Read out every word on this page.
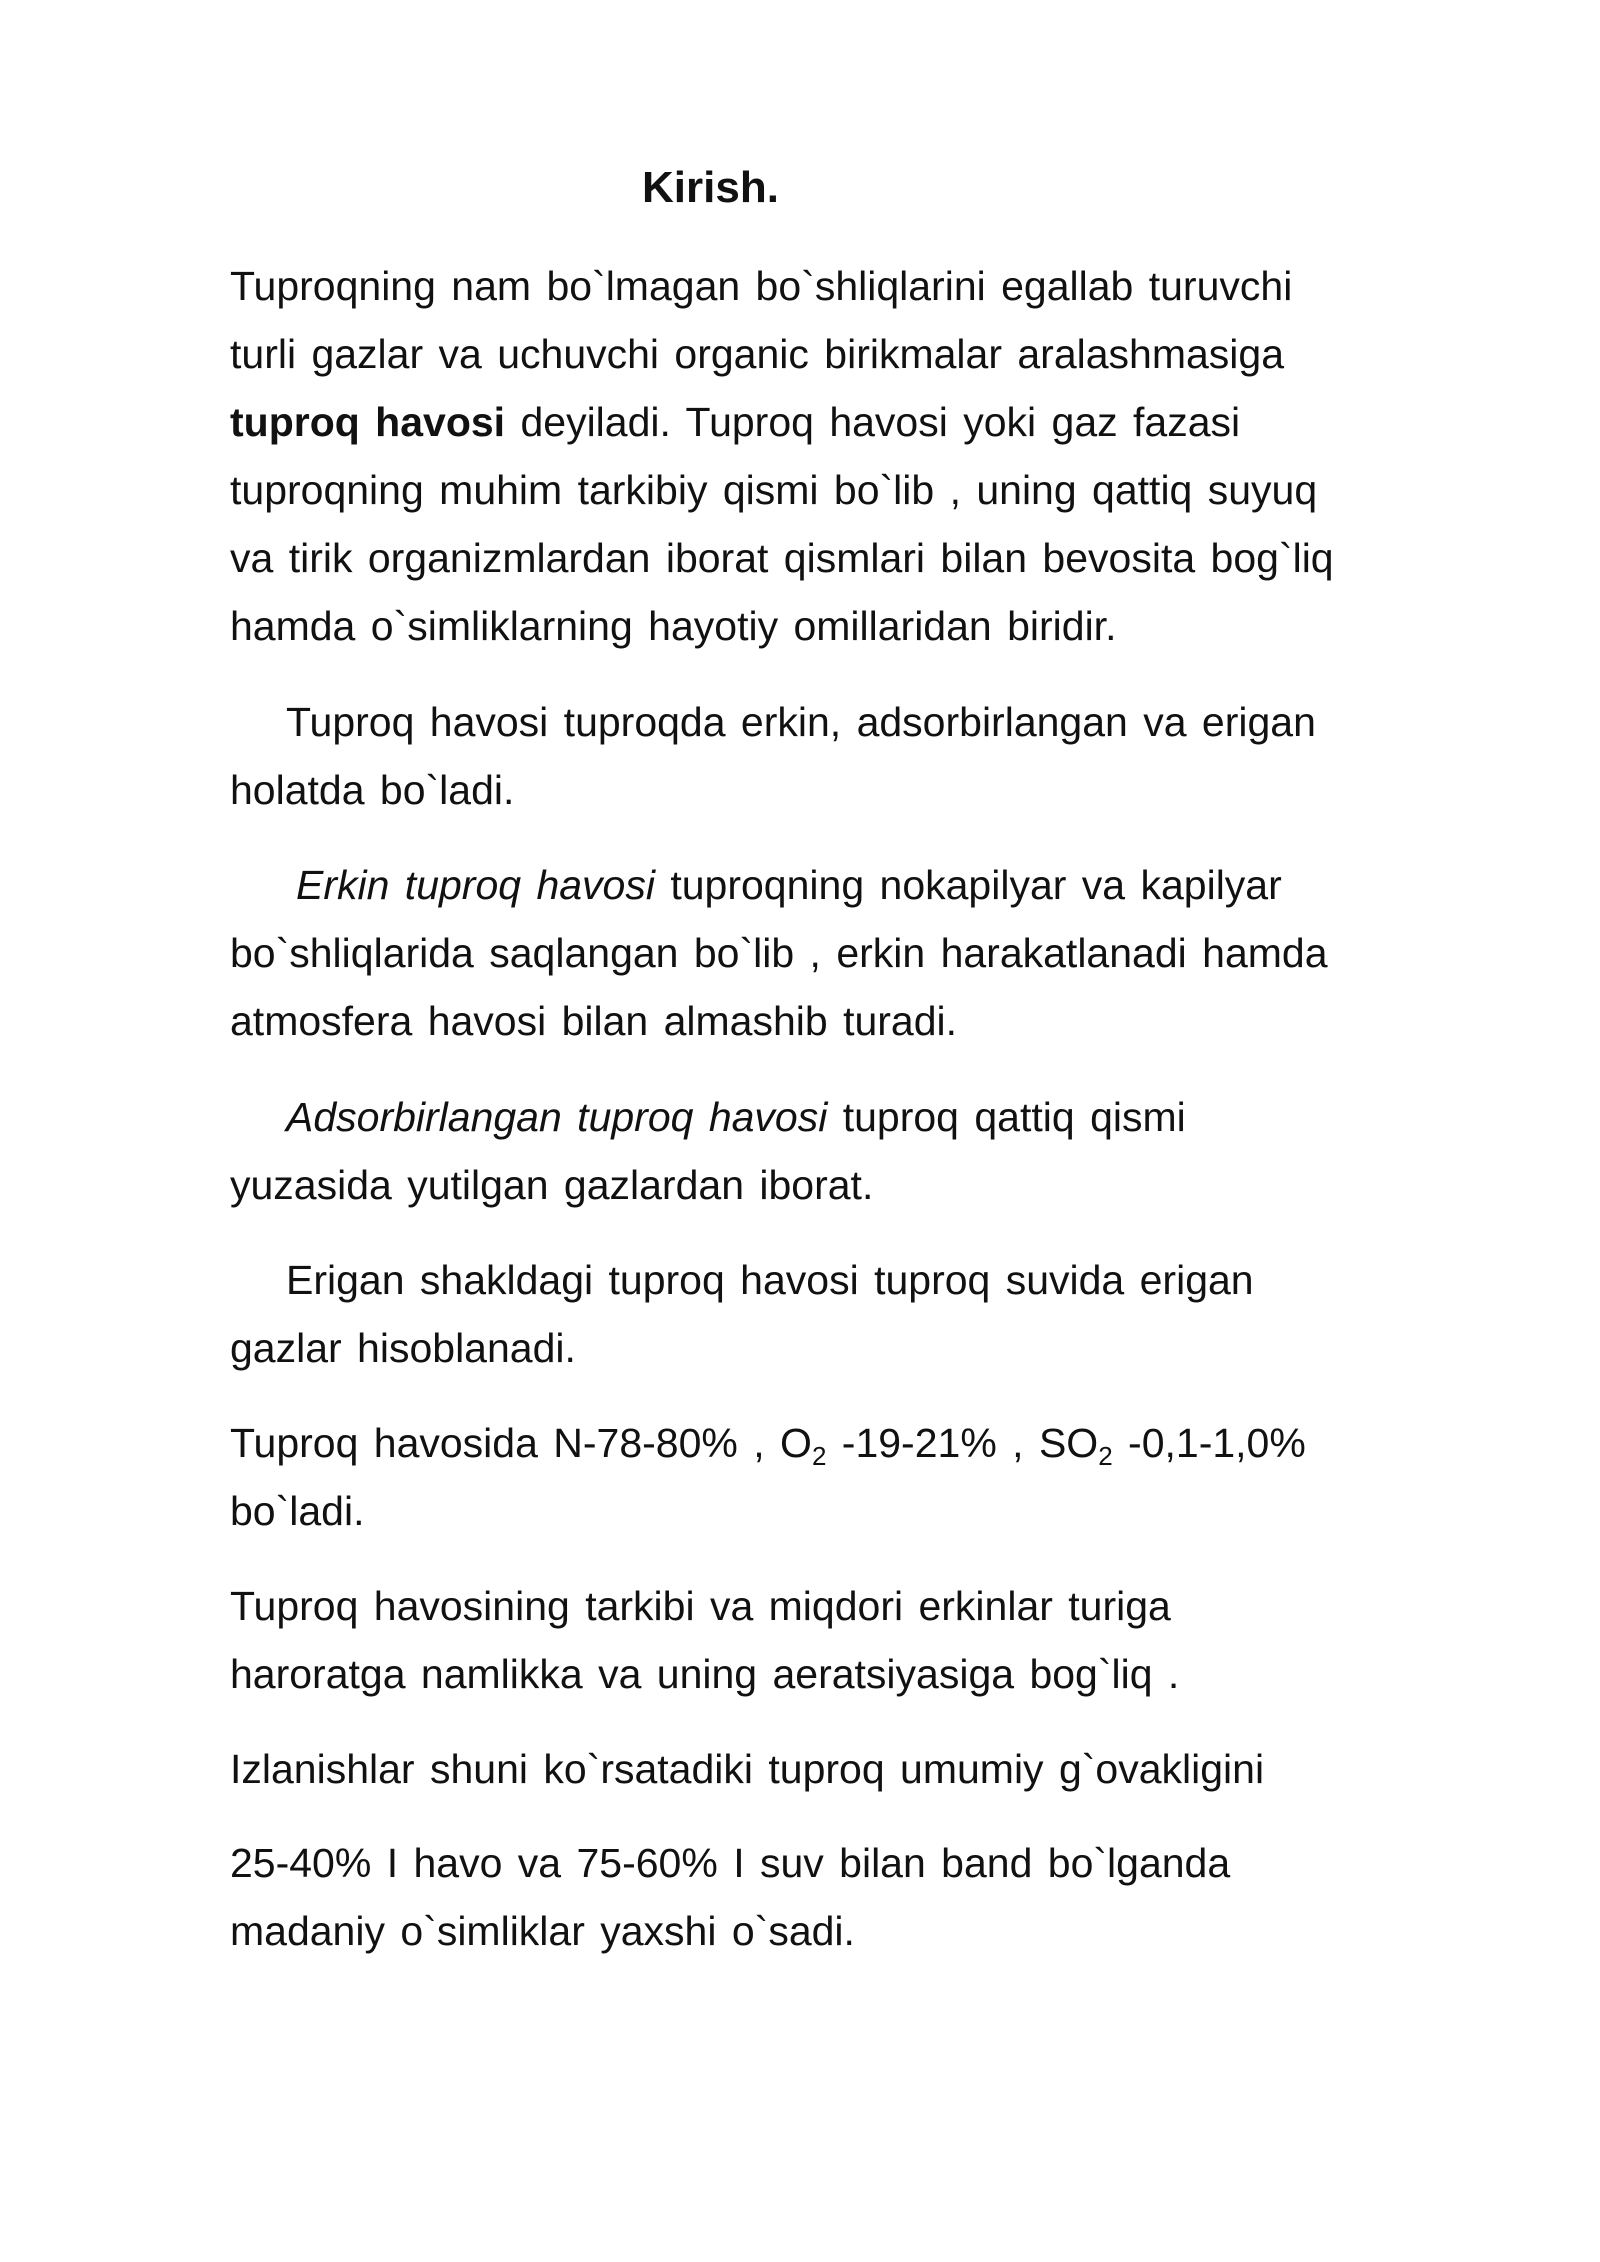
Kirish.

Tuproqning nam bo`lmagan bo`shliqlarini egallab turuvchi
turli gazlar va uchuvchi organic birikmalar aralashmasiga
tuproq havosi deyiladi. Tuproq havosi yoki gaz fazasi
tuproqning muhim tarkibiy qismi bo`lib , uning qattiq suyuq
va tirik organizmlardan iborat qismlari bilan bevosita bog`liq
hamda o`simliklarning hayotiy omillaridan biridir.

Tuproq havosi tuproqda erkin, adsorbirlangan va erigan
holatda bo`ladi.

Erkin tuproq havosi tuproqning nokapilyar va kapilyar
bo`shliqlarida saqlangan bo`lib , erkin harakatlanadi hamda
atmosfera havosi bilan almashib turadi.

Adsorbirlangan tuproq havosi tuproq qattiq qismi
yuzasida yutilgan gazlardan iborat.

Erigan shakldagi tuproq havosi tuproq suvida erigan
gazlar hisoblanadi.

Tuproq havosida N-78-80% , $O_2$ -19-21% , $SO_2$ -0,1-1,0%
bo`ladi.

Tuproq havosining tarkibi va miqdori erkinlar turiga
haroratga namlikka va uning aeratsiyasiga bog`liq .

Izlanishlar shuni ko`rsatadiki tuproq umumiy g`ovakligini

25-40% I havo va 75-60% I suv bilan band bo`lganda
madaniy o`simliklar yaxshi o`sadi.
